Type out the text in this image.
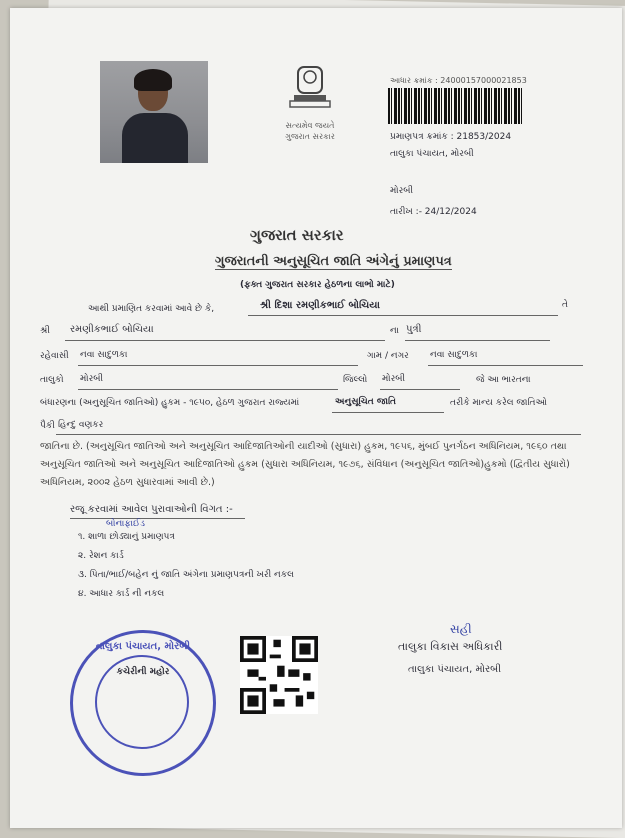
સત્યમેવ જયતે
ગુજરાત સરકાર
આધાર ક્રમાંક : 24000157000021853
પ્રમાણપત્ર ક્રમાંક : 21853/2024
તાલુકા પંચાયત, મોરબી
મોરબી
તારીખ :- 24/12/2024
ગુજરાત સરકાર
ગુજરાતની અનુસૂચિત જાતિ અંગેનું પ્રમાણપત્ર
(ફક્ત ગુજરાત સરકાર હેઠળના લાભો માટે)
આથી પ્રમાણિત કરવામાં આવે છે કે,	શ્રી દિશા રમણીકભાઈ બોચિયા	તે
શ્રી રમણીકભાઈ બોચિયા	ના પુત્રી
રહેવાસી નવા સાદુળકા	ગામ / નગર નવા સાદુળકા
તાલુકો મોરબી	જિલ્લો મોરબી	જે આ ભારતના
બંધારણના (અનુસૂચિત જાતિઓ) હુકમ - ૧૯૫૦, હેઠળ ગુજરાત રાજ્યમાં	અનુસૂચિત જાતિ	તરીકે માન્ય કરેલ જાતિઓ
પૈકી હિન્દુ વણકર
જાતિના છે. (અનુસૂચિત જાતિઓ અને અનુસૂચિત આદિજાતિઓની યાદીઓ (સુધારા) હુકમ, ૧૯૫૬, મુંબઈ પુનર્ગઠન અધિનિયમ, ૧૯૬૦ તથા અનુસૂચિત જાતિઓ અને અનુસૂચિત આદિજાતિઓ હુકમ (સુધારા અધિનિયમ, ૧૯૭૬, સંવિધાન (અનુસૂચિત જાતિઓ)હુકમો (દ્વિતીય સુધારો) અધિનિયમ, ૨૦૦૨ હેઠળ સુધારવામાં આવી છે.)
રજૂ કરવામાં આવેલ પુરાવાઓની વિગત :-
બોનાફાઈડ
૧. શાળા છોડ્યાનું પ્રમાણપત્ર
૨. રેશન કાર્ડ
૩. પિતા/ભાઈ/બહેન નું જાતિ અંગેના પ્રમાણપત્રની ખરી નકલ
૪. આધાર કાર્ડ ની નકલ
સહી
તાલુકા વિકાસ અધિકારી
તાલુકા પંચાયત, મોરબી
તાલુકા પંચાયત, મોરબી
કચેરીની મહોર
